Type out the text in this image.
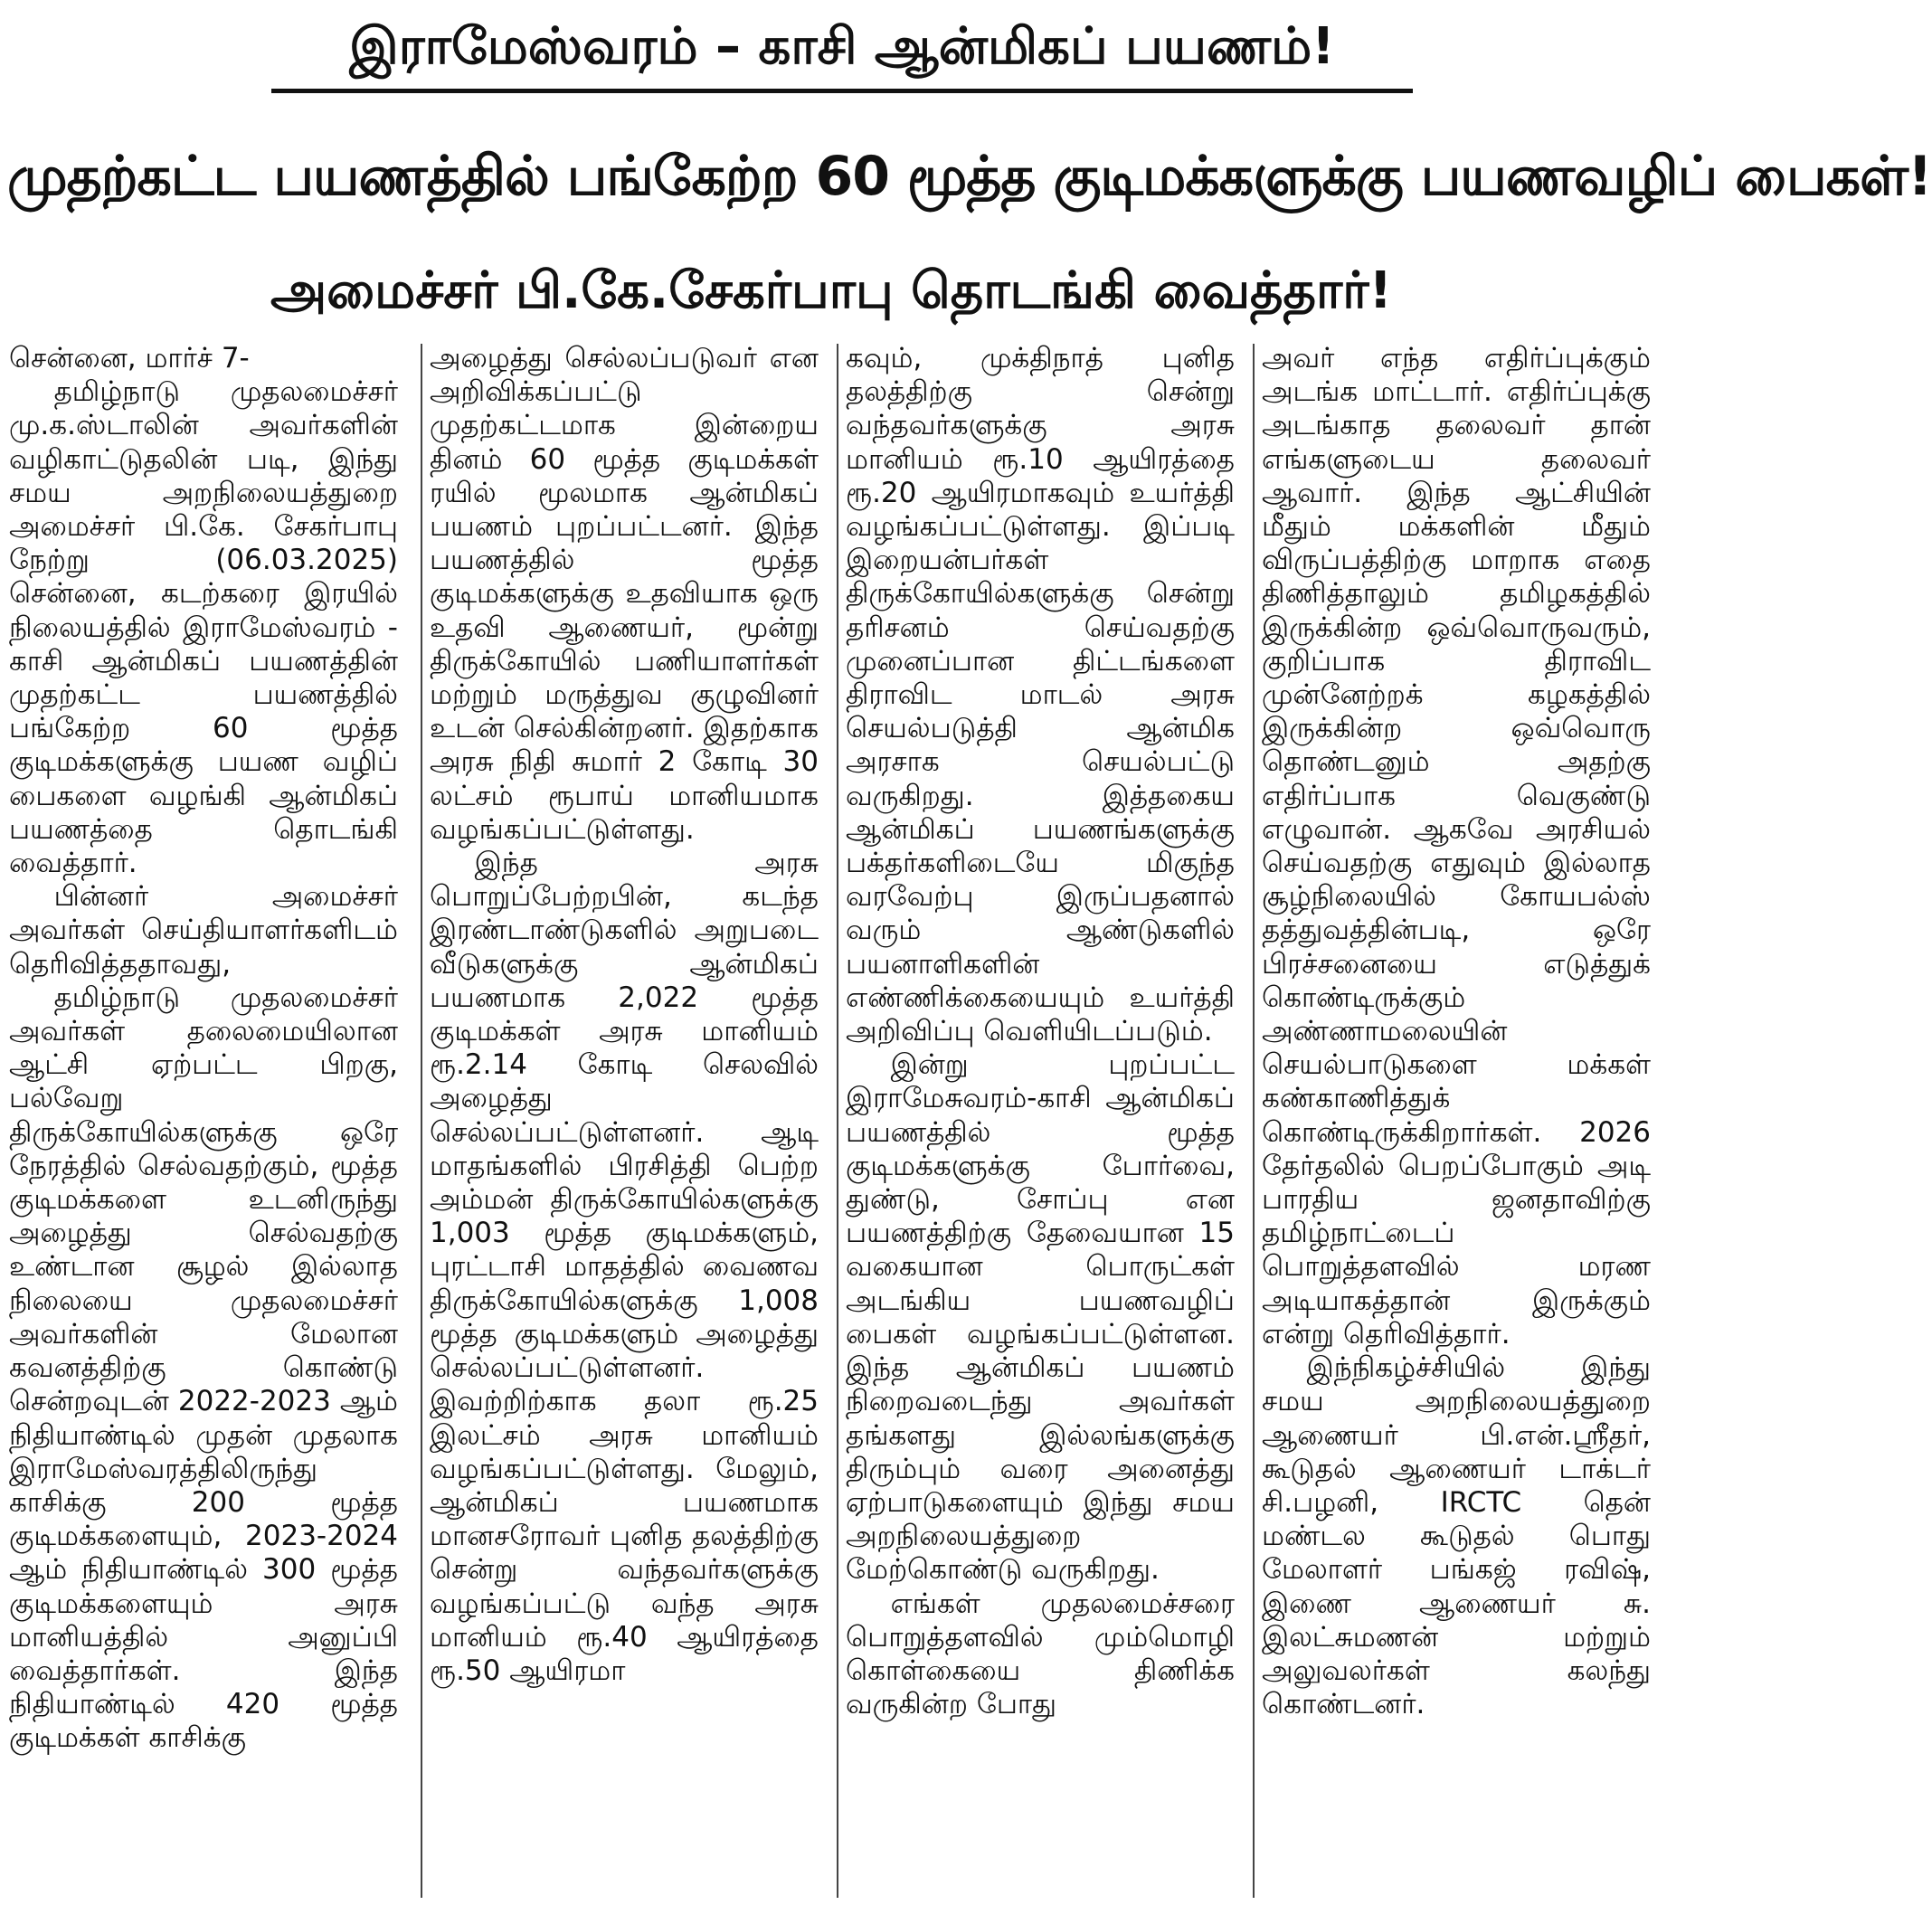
இராமேஸ்வரம் – காசி ஆன்மிகப் பயணம்!
முதற்கட்ட பயணத்தில் பங்கேற்ற 60 மூத்த குடிமக்களுக்கு பயணவழிப் பைகள்!
அமைச்சர் பி.கே.சேகர்பாபு தொடங்கி வைத்தார்!

சென்னை, மார்ச் 7-

தமிழ்நாடு முதலமைச்சர் மு.க.ஸ்டாலின் அவர்களின் வழிகாட்டுதலின் படி, இந்து சமய அறநிலையத்துறை அமைச்சர் பி.கே. சேகர்பாபு நேற்று (06.03.2025) சென்னை, கடற்கரை இரயில் நிலையத்தில் இராமேஸ்வரம் - காசி ஆன்மிகப் பயணத்தின் முதற்கட்ட பயணத்தில் பங்கேற்ற 60 மூத்த குடிமக்களுக்கு பயண வழிப் பைகளை வழங்கி ஆன்மிகப் பயணத்தை தொடங்கி வைத்தார்.

பின்னர் அமைச்சர் அவர்கள் செய்தியாளர்களிடம் தெரிவித்ததாவது,

தமிழ்நாடு முதலமைச்சர் அவர்கள் தலைமையிலான ஆட்சி ஏற்பட்ட பிறகு, பல்வேறு திருக்கோயில்களுக்கு ஒரே நேரத்தில் செல்வதற்கும், மூத்த குடிமக்களை உடனிருந்து அழைத்து செல்வதற்கு உண்டான சூழல் இல்லாத நிலையை முதலமைச்சர் அவர்களின் மேலான கவனத்திற்கு கொண்டு சென்றவுடன் 2022-2023 ஆம் நிதியாண்டில் முதன் முதலாக இராமேஸ்வரத்திலிருந்து காசிக்கு 200 மூத்த குடிமக்களையும், 2023-2024 ஆம் நிதியாண்டில் 300 மூத்த குடிமக்களையும் அரசு மானியத்தில் அனுப்பி வைத்தார்கள். இந்த நிதியாண்டில் 420 மூத்த குடிமக்கள் காசிக்கு

அழைத்து செல்லப்படுவர் என அறிவிக்கப்பட்டு முதற்கட்டமாக இன்றைய தினம் 60 மூத்த குடிமக்கள் ரயில் மூலமாக ஆன்மிகப் பயணம் புறப்பட்டனர். இந்த பயணத்தில் மூத்த குடிமக்களுக்கு உதவியாக ஒரு உதவி ஆணையர், மூன்று திருக்கோயில் பணியாளர்கள் மற்றும் மருத்துவ குழுவினர் உடன் செல்கின்றனர். இதற்காக அரசு நிதி சுமார் 2 கோடி 30 லட்சம் ரூபாய் மானியமாக வழங்கப்பட்டுள்ளது.

இந்த அரசு பொறுப்பேற்றபின், கடந்த இரண்டாண்டுகளில் அறுபடை வீடுகளுக்கு ஆன்மிகப் பயணமாக 2,022 மூத்த குடிமக்கள் அரசு மானியம் ரூ.2.14 கோடி செலவில் அழைத்து செல்லப்பட்டுள்ளனர். ஆடி மாதங்களில் பிரசித்தி பெற்ற அம்மன் திருக்கோயில்களுக்கு 1,003 மூத்த குடிமக்களும், புரட்டாசி மாதத்தில் வைணவ திருக்கோயில்களுக்கு 1,008 மூத்த குடிமக்களும் அழைத்து செல்லப்பட்டுள்ளனர். இவற்றிற்காக தலா ரூ.25 இலட்சம் அரசு மானியம் வழங்கப்பட்டுள்ளது. மேலும், ஆன்மிகப் பயணமாக மானசரோவர் புனித தலத்திற்கு சென்று வந்தவர்களுக்கு வழங்கப்பட்டு வந்த அரசு மானியம் ரூ.40 ஆயிரத்தை ரூ.50 ஆயிரமா

கவும், முக்திநாத் புனித தலத்திற்கு சென்று வந்தவர்களுக்கு அரசு மானியம் ரூ.10 ஆயிரத்தை ரூ.20 ஆயிரமாகவும் உயர்த்தி வழங்கப்பட்டுள்ளது. இப்படி இறையன்பர்கள் திருக்கோயில்களுக்கு சென்று தரிசனம் செய்வதற்கு முனைப்பான திட்டங்களை திராவிட மாடல் அரசு செயல்படுத்தி ஆன்மிக அரசாக செயல்பட்டு வருகிறது. இத்தகைய ஆன்மிகப் பயணங்களுக்கு பக்தர்களிடையே மிகுந்த வரவேற்பு இருப்பதனால் வரும் ஆண்டுகளில் பயனாளிகளின் எண்ணிக்கையையும் உயர்த்தி அறிவிப்பு வெளியிடப்படும்.

இன்று புறப்பட்ட இராமேசுவரம்-காசி ஆன்மிகப் பயணத்தில் மூத்த குடிமக்களுக்கு போர்வை, துண்டு, சோப்பு என பயணத்திற்கு தேவையான 15 வகையான பொருட்கள் அடங்கிய பயணவழிப் பைகள் வழங்கப்பட்டுள்ளன. இந்த ஆன்மிகப் பயணம் நிறைவடைந்து அவர்கள் தங்களது இல்லங்களுக்கு திரும்பும் வரை அனைத்து ஏற்பாடுகளையும் இந்து சமய அறநிலையத்துறை மேற்கொண்டு வருகிறது.

எங்கள் முதலமைச்சரை பொறுத்தளவில் மும்மொழி கொள்கையை திணிக்க வருகின்ற போது

அவர் எந்த எதிர்ப்புக்கும் அடங்க மாட்டார். எதிர்ப்புக்கு அடங்காத தலைவர் தான் எங்களுடைய தலைவர் ஆவார். இந்த ஆட்சியின் மீதும் மக்களின் மீதும் விருப்பத்திற்கு மாறாக எதை திணித்தாலும் தமிழகத்தில் இருக்கின்ற ஒவ்வொருவரும், குறிப்பாக திராவிட முன்னேற்றக் கழகத்தில் இருக்கின்ற ஒவ்வொரு தொண்டனும் அதற்கு எதிர்ப்பாக வெகுண்டு எழுவான். ஆகவே அரசியல் செய்வதற்கு எதுவும் இல்லாத சூழ்நிலையில் கோயபல்ஸ் தத்துவத்தின்படி, ஒரே பிரச்சனையை எடுத்துக் கொண்டிருக்கும் அண்ணாமலையின் செயல்பாடுகளை மக்கள் கண்காணித்துக் கொண்டிருக்கிறார்கள். 2026 தேர்தலில் பெறப்போகும் அடி பாரதிய ஜனதாவிற்கு தமிழ்நாட்டைப் பொறுத்தளவில் மரண அடியாகத்தான் இருக்கும் என்று தெரிவித்தார்.

இந்நிகழ்ச்சியில் இந்து சமய அறநிலையத்துறை ஆணையர் பி.என்.ஸ்ரீதர், கூடுதல் ஆணையர் டாக்டர் சி.பழனி, IRCTC தென் மண்டல கூடுதல் பொது மேலாளர் பங்கஜ் ரவிஷ், இணை ஆணையர் சு. இலட்சுமணன் மற்றும் அலுவலர்கள் கலந்து கொண்டனர்.
